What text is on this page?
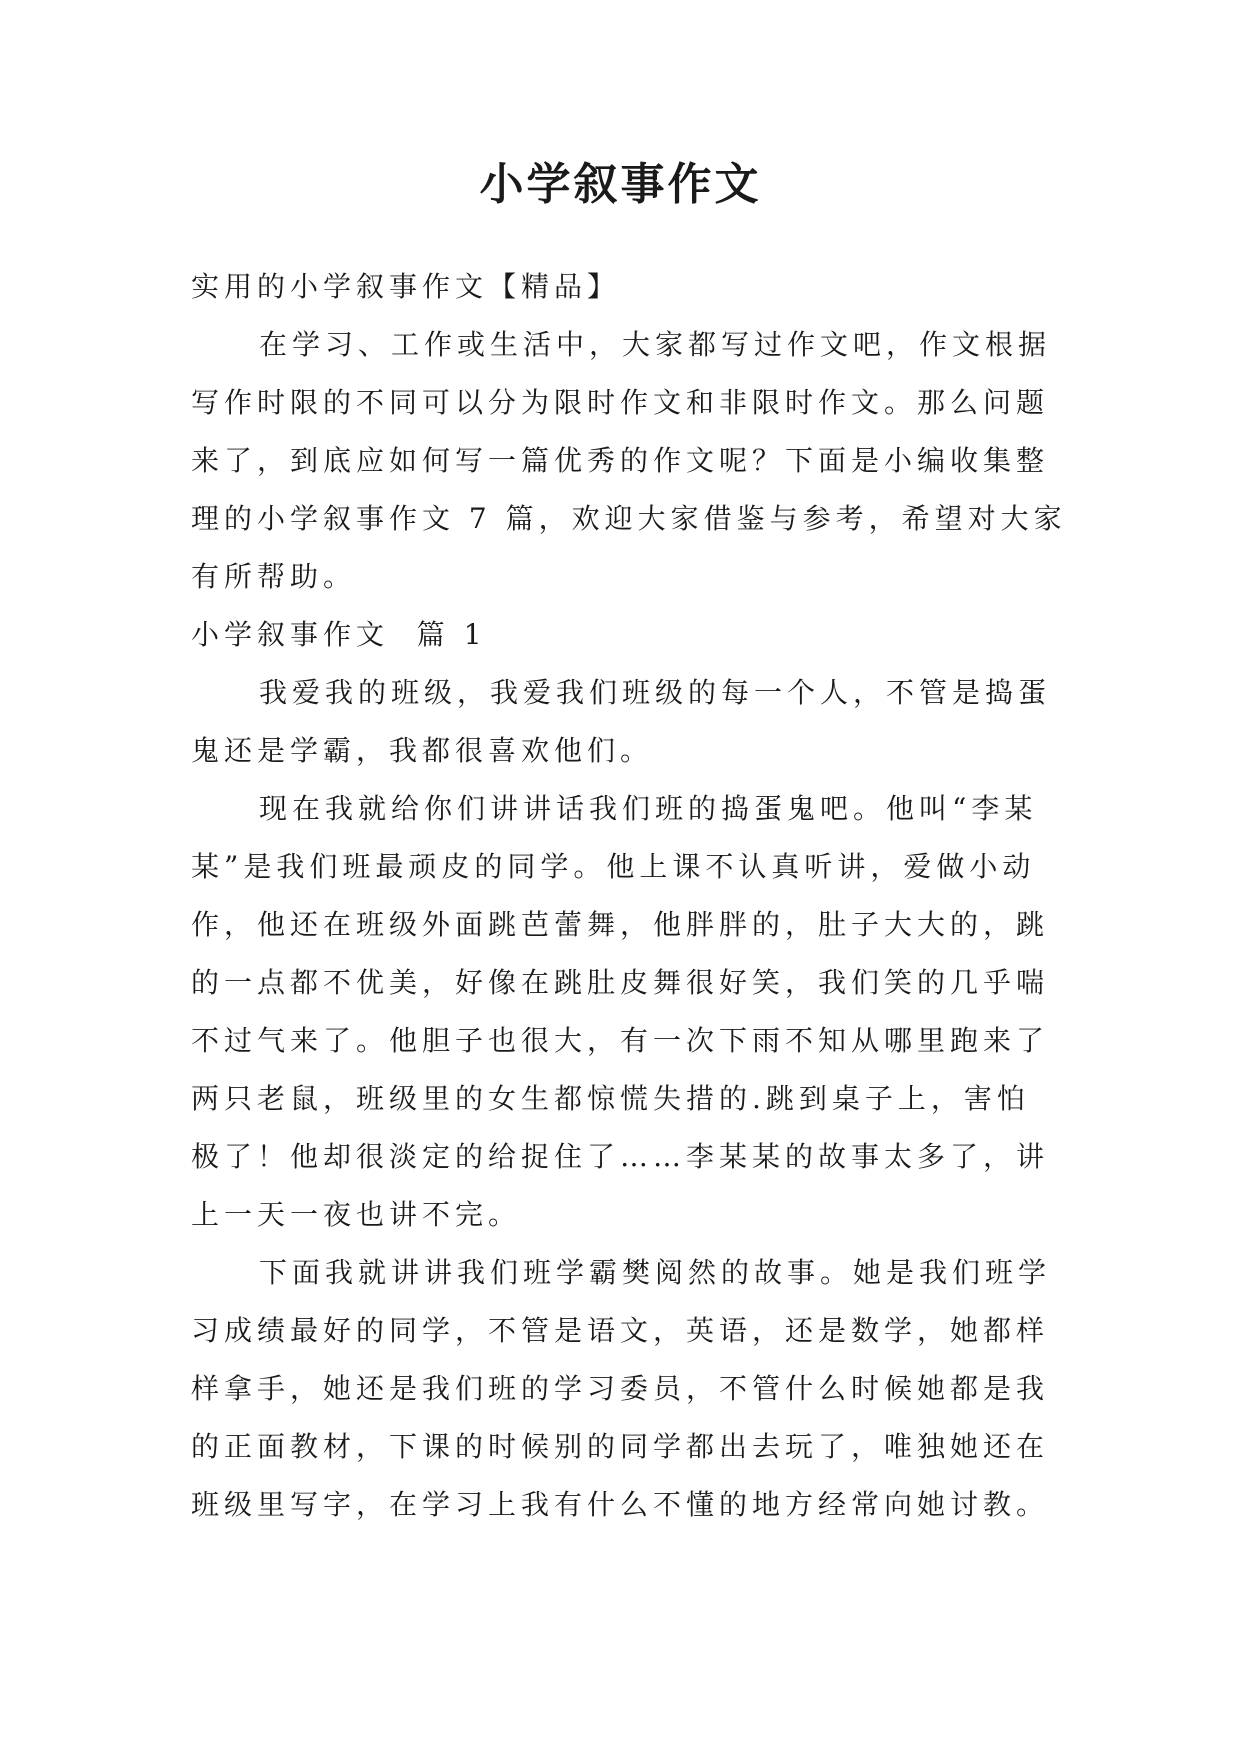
小学叙事作文

实用的小学叙事作文【精品】

在学习、工作或生活中，大家都写过作文吧，作文根据

写作时限的不同可以分为限时作文和非限时作文。那么问题

来了，到底应如何写一篇优秀的作文呢？下面是小编收集整

理的小学叙事作文 7 篇，欢迎大家借鉴与参考，希望对大家

有所帮助。

小学叙事作文  篇 1

我爱我的班级，我爱我们班级的每一个人，不管是捣蛋

鬼还是学霸，我都很喜欢他们。

现在我就给你们讲讲话我们班的捣蛋鬼吧。他叫“李某

某”是我们班最顽皮的同学。他上课不认真听讲，爱做小动

作，他还在班级外面跳芭蕾舞，他胖胖的，肚子大大的，跳

的一点都不优美，好像在跳肚皮舞很好笑，我们笑的几乎喘

不过气来了。他胆子也很大，有一次下雨不知从哪里跑来了

两只老鼠，班级里的女生都惊慌失措的.跳到桌子上，害怕

极了！他却很淡定的给捉住了……李某某的故事太多了，讲

上一天一夜也讲不完。

下面我就讲讲我们班学霸樊阅然的故事。她是我们班学

习成绩最好的同学，不管是语文，英语，还是数学，她都样

样拿手，她还是我们班的学习委员，不管什么时候她都是我

的正面教材，下课的时候别的同学都出去玩了，唯独她还在

班级里写字，在学习上我有什么不懂的地方经常向她讨教。
